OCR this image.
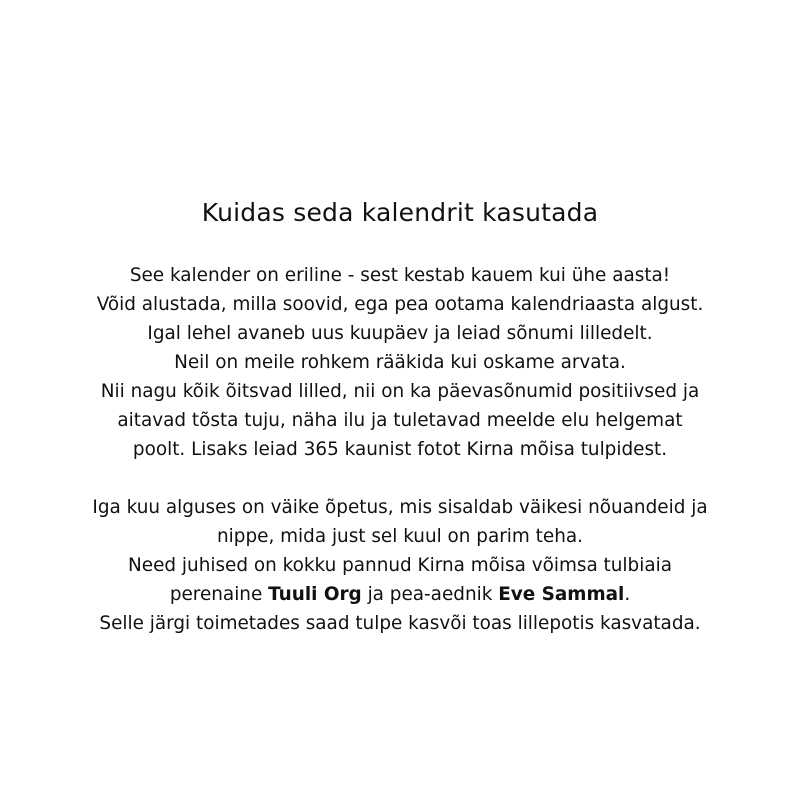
Kuidas seda kalendrit kasutada
See kalender on eriline - sest kestab kauem kui ühe aasta!
Võid alustada, milla soovid, ega pea ootama kalendriaasta algust.
Igal lehel avaneb uus kuupäev ja leiad sõnumi lilledelt.
Neil on meile rohkem rääkida kui oskame arvata.
Nii nagu kõik õitsvad lilled, nii on ka päevasõnumid positiivsed ja
aitavad tõsta tuju, näha ilu ja tuletavad meelde elu helgemat
poolt. Lisaks leiad 365 kaunist fotot Kirna mõisa tulpidest.
Iga kuu alguses on väike õpetus, mis sisaldab väikesi nõuandeid ja
nippe, mida just sel kuul on parim teha.
Need juhised on kokku pannud Kirna mõisa võimsa tulbiaia
perenaine Tuuli Org ja pea-aednik Eve Sammal.
Selle järgi toimetades saad tulpe kasvõi toas lillepotis kasvatada.
